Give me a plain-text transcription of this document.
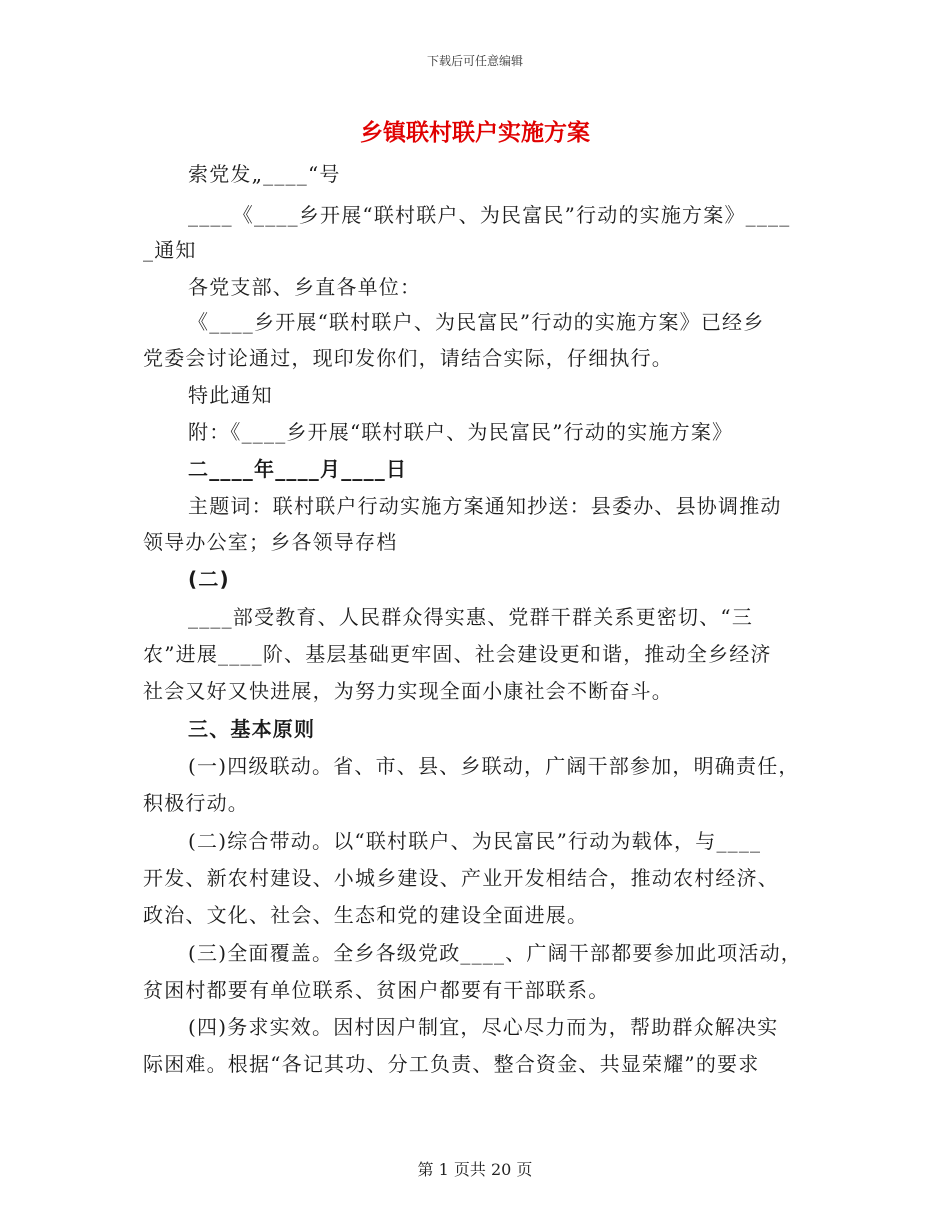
下载后可任意编辑
乡镇联村联户实施方案
索党发„____“号
____《____乡开展“联村联户、为民富民”行动的实施方案》____
_通知
各党支部、乡直各单位：
《____乡开展“联村联户、为民富民”行动的实施方案》已经乡
党委会讨论通过，现印发你们，请结合实际，仔细执行。
特此通知
附：《____乡开展“联村联户、为民富民”行动的实施方案》
二____年____月____日
主题词：联村联户行动实施方案通知抄送：县委办、县协调推动
领导办公室；乡各领导存档
(二)
____部受教育、人民群众得实惠、党群干群关系更密切、“三
农”进展____阶、基层基础更牢固、社会建设更和谐，推动全乡经济
社会又好又快进展，为努力实现全面小康社会不断奋斗。
三、基本原则
(一)四级联动。省、市、县、乡联动，广阔干部参加，明确责任，
积极行动。
(二)综合带动。以“联村联户、为民富民”行动为载体，与____
开发、新农村建设、小城乡建设、产业开发相结合，推动农村经济、
政治、文化、社会、生态和党的建设全面进展。
(三)全面覆盖。全乡各级党政____、广阔干部都要参加此项活动，
贫困村都要有单位联系、贫困户都要有干部联系。
(四)务求实效。因村因户制宜，尽心尽力而为，帮助群众解决实
际困难。根据“各记其功、分工负责、整合资金、共显荣耀”的要求
第 1 页共 20 页
